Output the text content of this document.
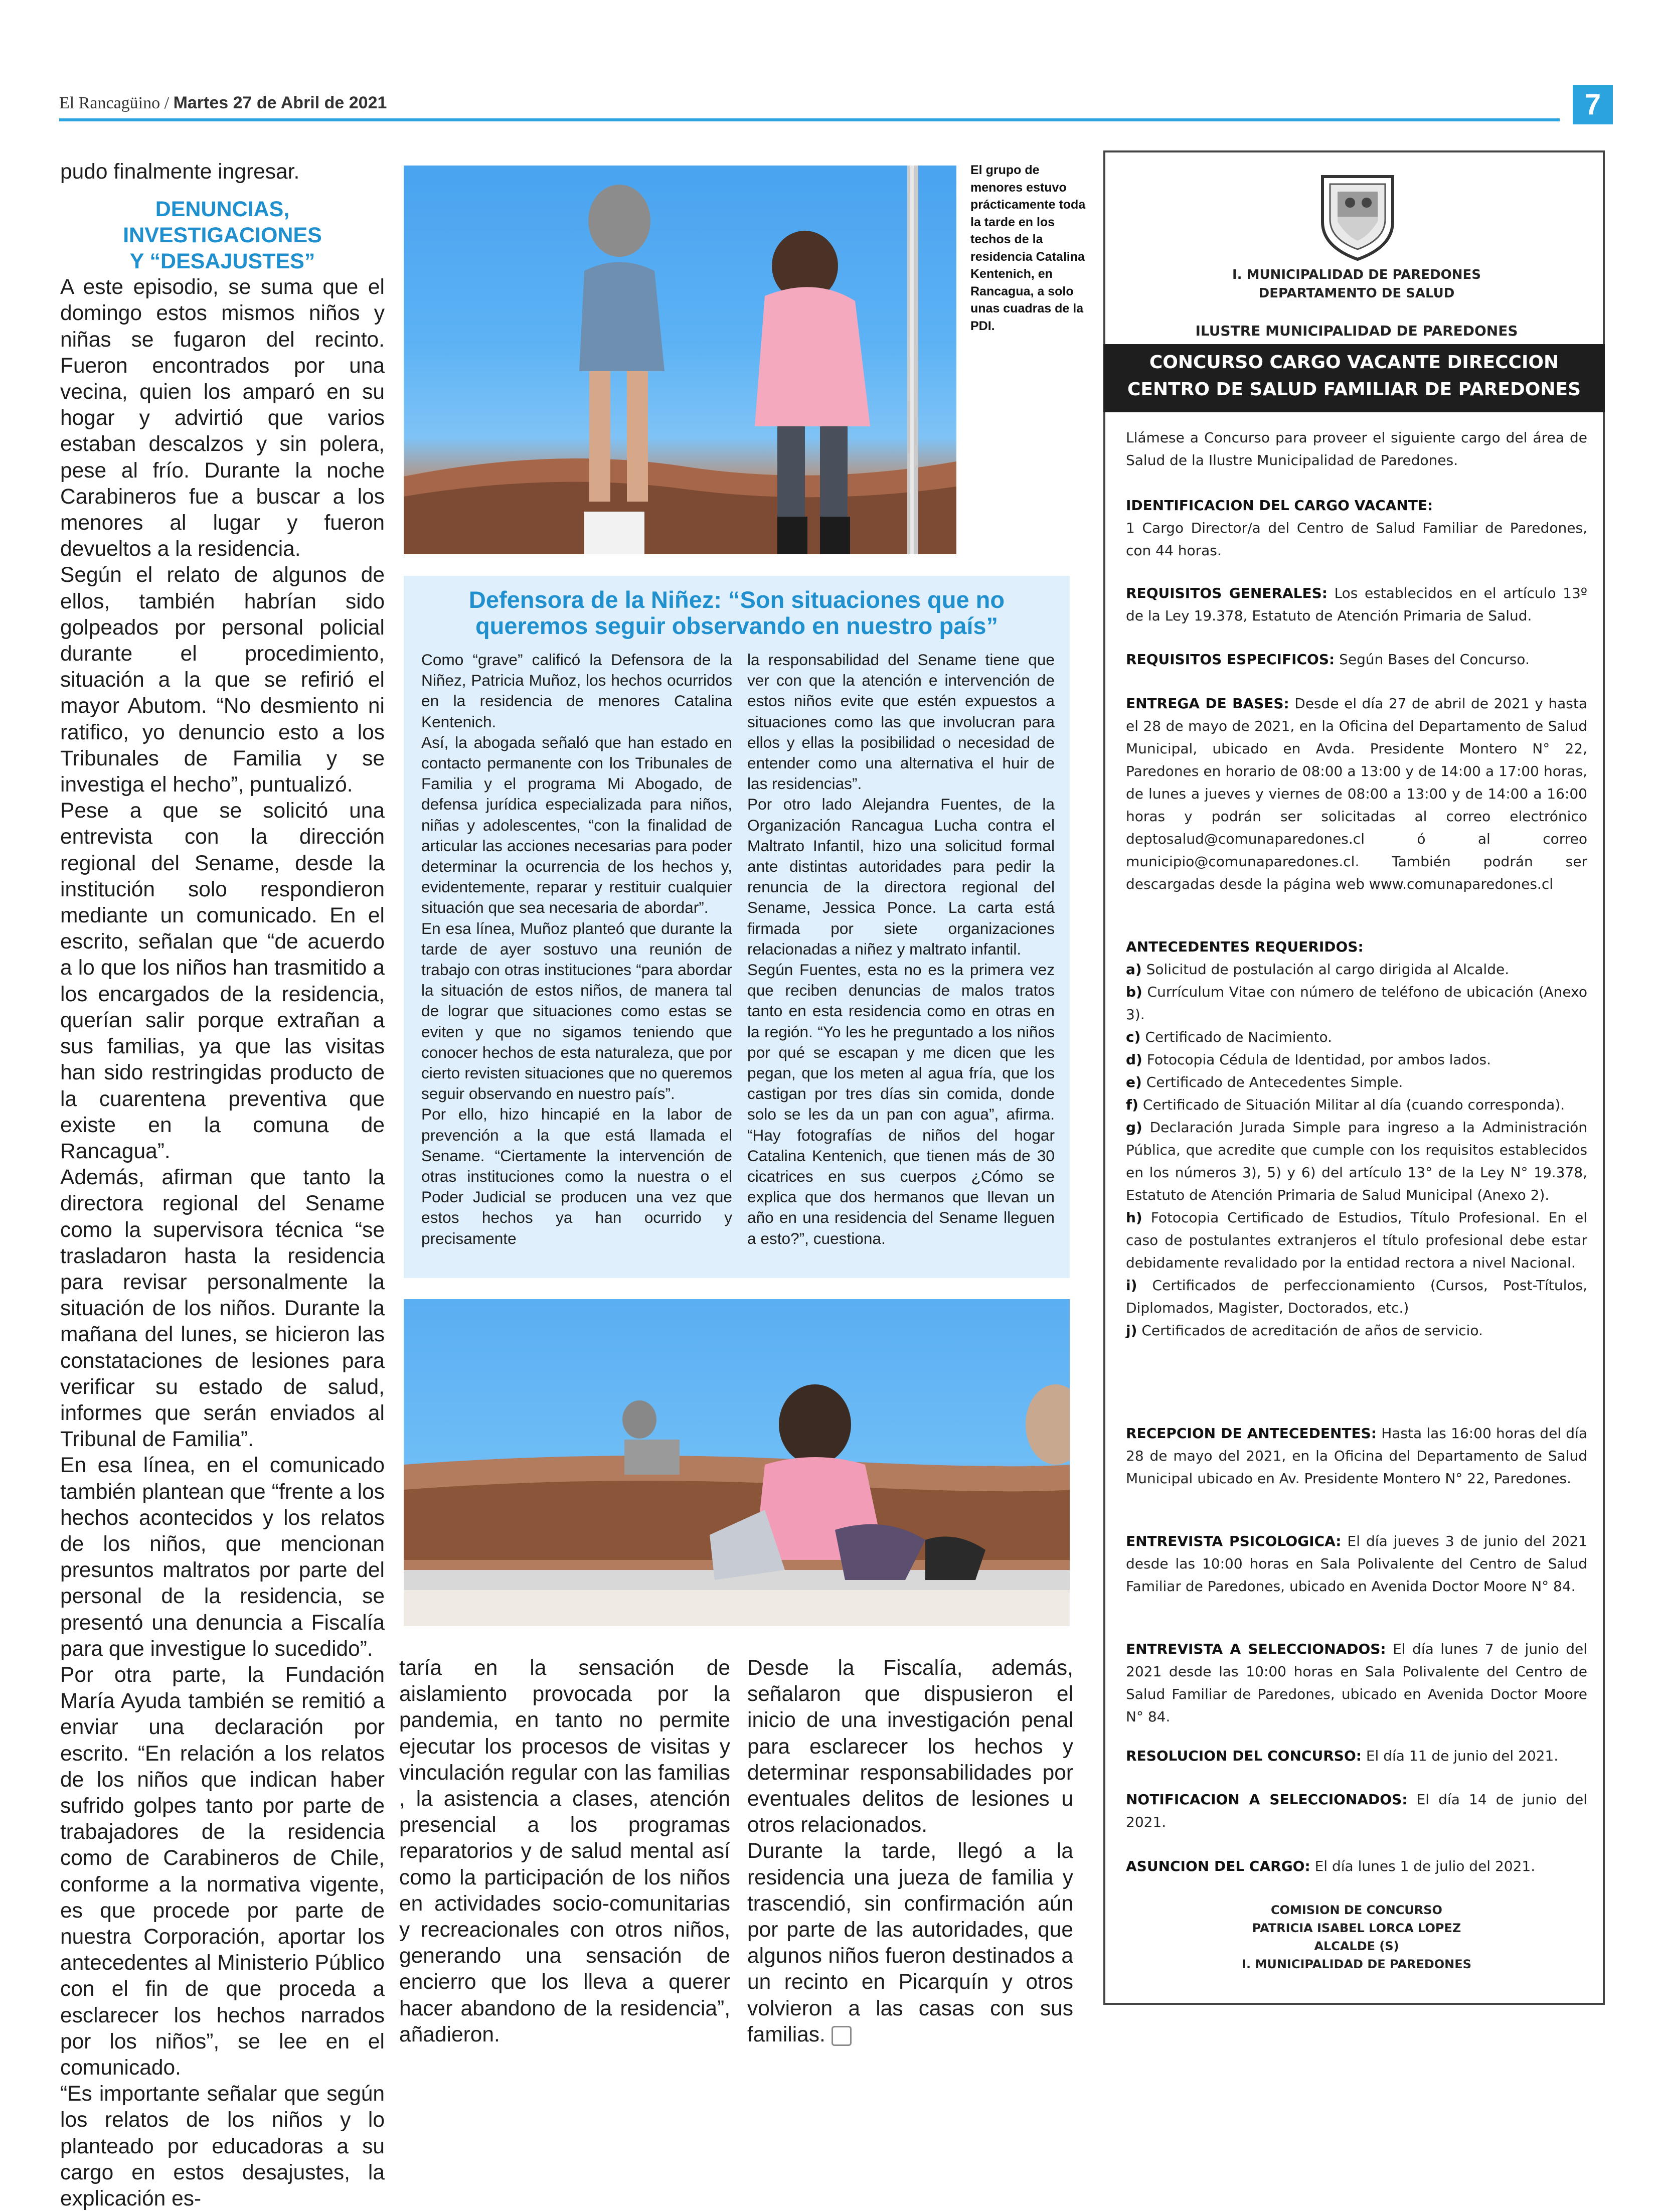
El Rancagüino / Martes 27 de Abril de 2021	7

pudo finalmente ingresar.

DENUNCIAS, INVESTIGACIONES
Y “DESAJUSTES”

A este episodio, se suma que el domingo estos mismos niños y niñas se fugaron del recinto. Fueron encontrados por una vecina, quien los amparó en su hogar y advirtió que varios estaban descalzos y sin polera, pese al frío. Durante la noche Carabineros fue a buscar a los menores al lugar y fueron devueltos a la residencia.

Según el relato de algunos de ellos, también habrían sido golpeados por personal policial durante el procedimiento, situación a la que se refirió el mayor Abutom. “No desmiento ni ratifico, yo denuncio esto a los Tribunales de Familia y se investiga el hecho”, puntualizó.

Pese a que se solicitó una entrevista con la dirección regional del Sename, desde la institución solo respondieron mediante un comunicado. En el escrito, señalan que “de acuerdo a lo que los niños han trasmitido a los encargados de la residencia, querían salir porque extrañan a sus familias, ya que las visitas han sido restringidas producto de la cuarentena preventiva que existe en la comuna de Rancagua”.

Además, afirman que tanto la directora regional del Sename como la supervisora técnica “se trasladaron hasta la residencia para revisar personalmente la situación de los niños. Durante la mañana del lunes, se hicieron las constataciones de lesiones para verificar su estado de salud, informes que serán enviados al Tribunal de Familia”.

En esa línea, en el comunicado también plantean que “frente a los hechos acontecidos y los relatos de los niños, que mencionan presuntos maltratos por parte del personal de la residencia, se presentó una denuncia a Fiscalía para que investigue lo sucedido”.

Por otra parte, la Fundación María Ayuda también se remitió a enviar una declaración por escrito. “En relación a los relatos de los niños que indican haber sufrido golpes tanto por parte de trabajadores de la residencia como de Carabineros de Chile, conforme a la normativa vigente, es que procede por parte de nuestra Corporación, aportar los antecedentes al Ministerio Público con el fin de que proceda a esclarecer los hechos narrados por los niños”, se lee en el comunicado.

“Es importante señalar que según los relatos de los niños y lo planteado por educadoras a su cargo en estos desajustes, la explicación es-

El grupo de menores estuvo prácticamente toda la tarde en los techos de la residencia Catalina Kentenich, en Rancagua, a solo unas cuadras de la PDI.
Defensora de la Niñez: “Son situaciones que no
queremos seguir observando en nuestro país”

Como “grave” calificó la Defensora de la Niñez, Patricia Muñoz, los hechos ocurridos en la residencia de menores Catalina Kentenich.

Así, la abogada señaló que han estado en contacto permanente con los Tribunales de Familia y el programa Mi Abogado, de defensa jurídica especializada para niños, niñas y adolescentes, “con la finalidad de articular las acciones necesarias para poder determinar la ocurrencia de los hechos y, evidentemente, reparar y restituir cualquier situación que sea necesaria de abordar”.

En esa línea, Muñoz planteó que durante la tarde de ayer sostuvo una reunión de trabajo con otras instituciones “para abordar la situación de estos niños, de manera tal de lograr que situaciones como estas se eviten y que no sigamos teniendo que conocer hechos de esta naturaleza, que por cierto revisten situaciones que no queremos seguir observando en nuestro país”.

Por ello, hizo hincapié en la labor de prevención a la que está llamada el Sename. “Ciertamente la intervención de otras instituciones como la nuestra o el Poder Judicial se producen una vez que estos hechos ya han ocurrido y precisamente

la responsabilidad del Sename tiene que ver con que la atención e intervención de estos niños evite que estén expuestos a situaciones como las que involucran para ellos y ellas la posibilidad o necesidad de entender como una alternativa el huir de las residencias”.

Por otro lado Alejandra Fuentes, de la Organización Rancagua Lucha contra el Maltrato Infantil, hizo una solicitud formal ante distintas autoridades para pedir la renuncia de la directora regional del Sename, Jessica Ponce. La carta está firmada por siete organizaciones relacionadas a niñez y maltrato infantil.

Según Fuentes, esta no es la primera vez que reciben denuncias de malos tratos tanto en esta residencia como en otras en la región. “Yo les he preguntado a los niños por qué se escapan y me dicen que les pegan, que los meten al agua fría, que los castigan por tres días sin comida, donde solo se les da un pan con agua”, afirma. “Hay fotografías de niños del hogar Catalina Kentenich, que tienen más de 30 cicatrices en sus cuerpos ¿Cómo se explica que dos hermanos que llevan un año en una residencia del Sename lleguen a esto?”, cuestiona.

taría en la sensación de aislamiento provocada por la pandemia, en tanto no permite ejecutar los procesos de visitas y vinculación regular con las familias , la asistencia a clases, atención presencial a los programas reparatorios y de salud mental así como la participación de los niños en actividades socio-comunitarias y recreacionales con otros niños, generando una sensación de encierro que los lleva a querer hacer abandono de la residencia”, añadieron.

Desde la Fiscalía, además, señalaron que dispusieron el inicio de una investigación penal para esclarecer los hechos y determinar responsabilidades por eventuales delitos de lesiones u otros relacionados.

Durante la tarde, llegó a la residencia una jueza de familia y trascendió, sin confirmación aún por parte de las autoridades, que algunos niños fueron destinados a un recinto en Picarquín y otros volvieron a las casas con sus familias.

I. MUNICIPALIDAD DE PAREDONES
DEPARTAMENTO DE SALUD
ILUSTRE MUNICIPALIDAD DE PAREDONES
CONCURSO CARGO VACANTE DIRECCION
CENTRO DE SALUD FAMILIAR DE PAREDONES
Llámese a Concurso para proveer el siguiente cargo del área de Salud de la Ilustre Municipalidad de Paredones.

IDENTIFICACION DEL CARGO VACANTE:

1 Cargo Director/a del Centro de Salud Familiar de Paredones, con 44 horas.

REQUISITOS GENERALES: Los establecidos en el artículo 13º de la Ley 19.378, Estatuto de Atención Primaria de Salud.
REQUISITOS ESPECIFICOS: Según Bases del Concurso.
ENTREGA DE BASES: Desde el día 27 de abril de 2021 y hasta el 28 de mayo de 2021, en la Oficina del Departamento de Salud Municipal, ubicado en Avda. Presidente Montero N° 22, Paredones en horario de 08:00 a 13:00 y de 14:00 a 17:00 horas, de lunes a jueves y viernes de 08:00 a 13:00 y de 14:00 a 16:00 horas y podrán ser solicitadas al correo electrónico deptosalud@comunaparedones.cl ó al correo municipio@comunaparedones.cl. También podrán ser descargadas desde la página web www.comunaparedones.cl

ANTECEDENTES REQUERIDOS:

a) Solicitud de postulación al cargo dirigida al Alcalde.

b) Currículum Vitae con número de teléfono de ubicación (Anexo 3).

c) Certificado de Nacimiento.

d) Fotocopia Cédula de Identidad, por ambos lados.

e) Certificado de Antecedentes Simple.

f) Certificado de Situación Militar al día (cuando corresponda).

g) Declaración Jurada Simple para ingreso a la Administración Pública, que acredite que cumple con los requisitos establecidos en los números 3), 5) y 6) del artículo 13° de la Ley N° 19.378, Estatuto de Atención Primaria de Salud Municipal (Anexo 2).

h) Fotocopia Certificado de Estudios, Título Profesional. En el caso de postulantes extranjeros el título profesional debe estar debidamente revalidado por la entidad rectora a nivel Nacional.

i) Certificados de perfeccionamiento (Cursos, Post-Títulos, Diplomados, Magister, Doctorados, etc.)

j) Certificados de acreditación de años de servicio.

RECEPCION DE ANTECEDENTES: Hasta las 16:00 horas del día 28 de mayo del 2021, en la Oficina del Departamento de Salud Municipal ubicado en Av. Presidente Montero N° 22, Paredones.
ENTREVISTA PSICOLOGICA: El día jueves 3 de junio del 2021 desde las 10:00 horas en Sala Polivalente del Centro de Salud Familiar de Paredones, ubicado en Avenida Doctor Moore N° 84.
ENTREVISTA A SELECCIONADOS: El día lunes 7 de junio del 2021 desde las 10:00 horas en Sala Polivalente del Centro de Salud Familiar de Paredones, ubicado en Avenida Doctor Moore N° 84.
RESOLUCION DEL CONCURSO: El día 11 de junio del 2021.
NOTIFICACION A SELECCIONADOS: El día 14 de junio del 2021.
ASUNCION DEL CARGO: El día lunes 1 de julio del 2021.
COMISION DE CONCURSO
PATRICIA ISABEL LORCA LOPEZ
ALCALDE (S)
I. MUNICIPALIDAD DE PAREDONES
